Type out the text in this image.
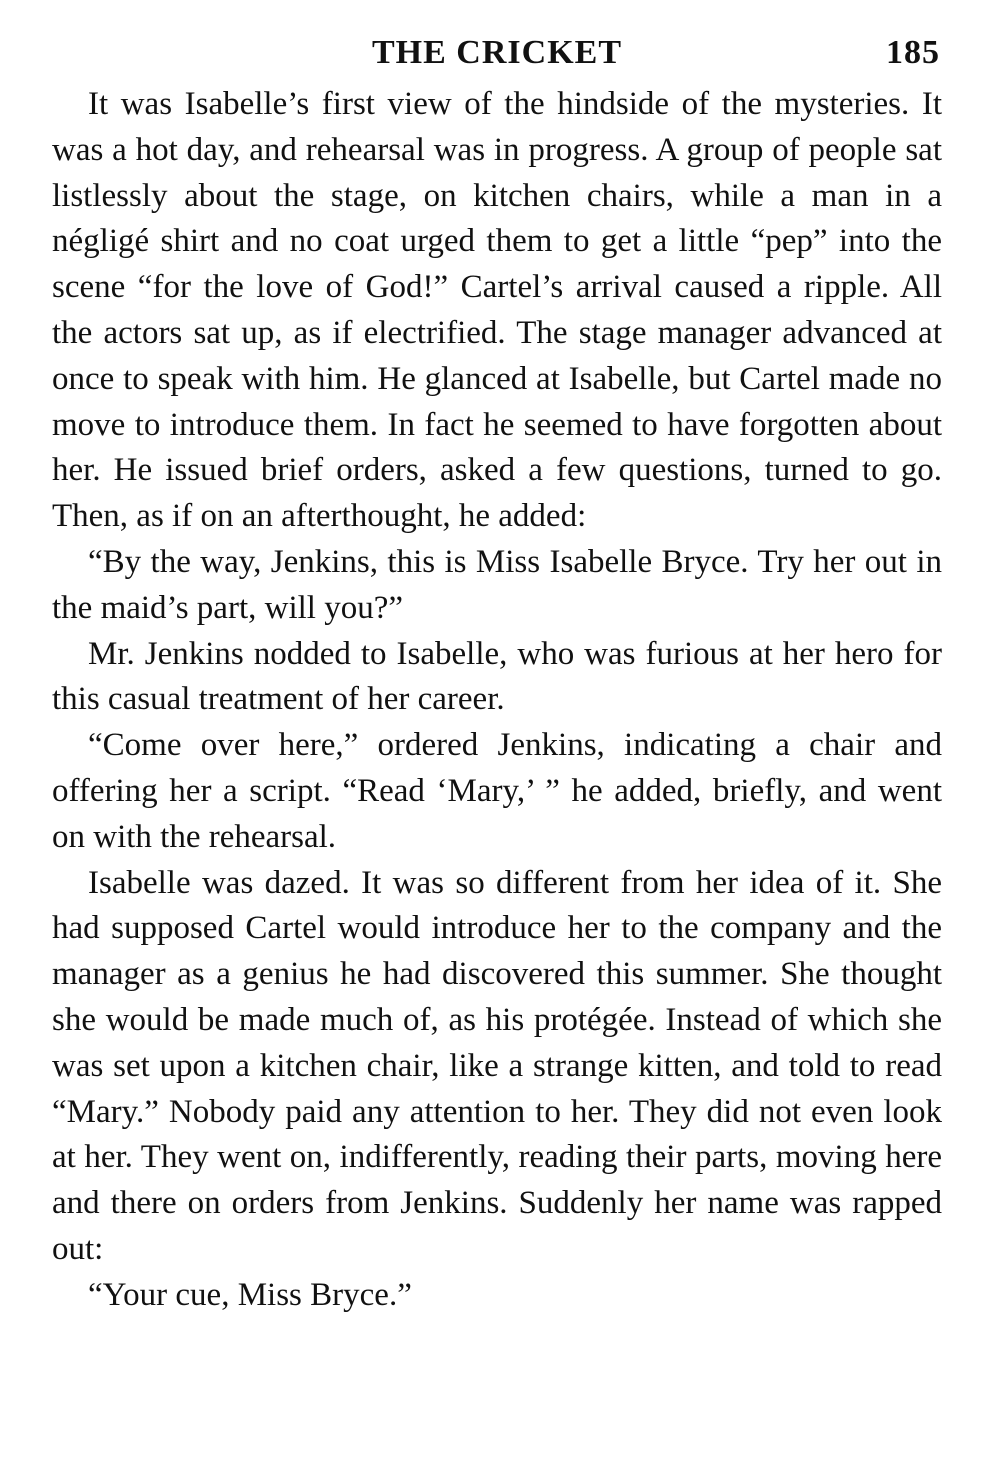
THE CRICKET	185

It was Isabelle’s first view of the hindside of the mysteries. It was a hot day, and rehearsal was in progress. A group of people sat listlessly about the stage, on kitchen chairs, while a man in a négligé shirt and no coat urged them to get a little “pep” into the scene “for the love of God!” Cartel’s arrival caused a ripple. All the actors sat up, as if electrified. The stage manager advanced at once to speak with him. He glanced at Isabelle, but Cartel made no move to introduce them. In fact he seemed to have forgotten about her. He issued brief orders, asked a few questions, turned to go. Then, as if on an afterthought, he added:

“By the way, Jenkins, this is Miss Isabelle Bryce. Try her out in the maid’s part, will you?”

Mr. Jenkins nodded to Isabelle, who was furious at her hero for this casual treatment of her career.

“Come over here,” ordered Jenkins, indicating a chair and offering her a script. “Read ‘Mary,’ ” he added, briefly, and went on with the rehearsal.

Isabelle was dazed. It was so different from her idea of it. She had supposed Cartel would introduce her to the company and the manager as a genius he had discovered this summer. She thought she would be made much of, as his protégée. Instead of which she was set upon a kitchen chair, like a strange kitten, and told to read “Mary.” Nobody paid any attention to her. They did not even look at her. They went on, indifferently, reading their parts, moving here and there on orders from Jenkins. Suddenly her name was rapped out:

“Your cue, Miss Bryce.”
